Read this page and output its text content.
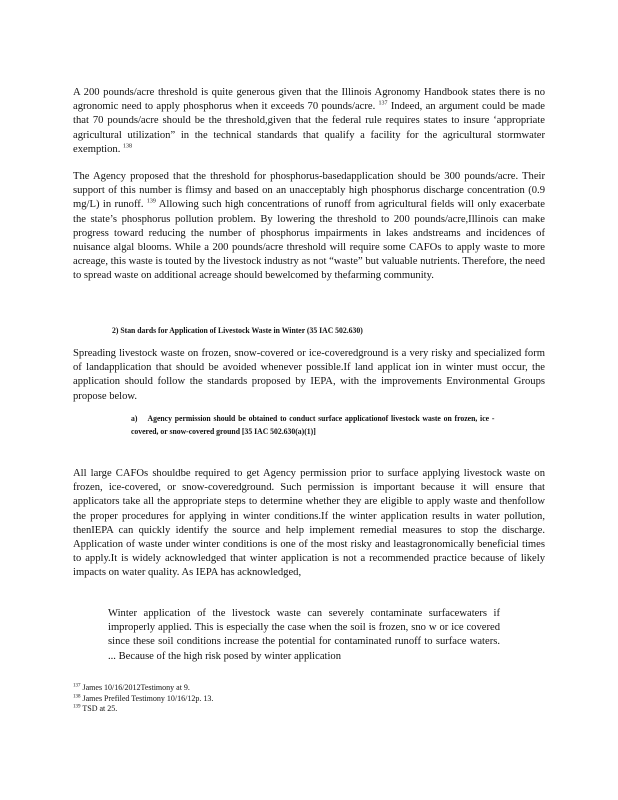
A 200 pounds/acre threshold is quite generous given that the Illinois Agronomy Handbook states there is no agronomic need to apply phosphorus when it exceeds 70 pounds/acre. $^{137}$ Indeed, an argument could be made that 70 pounds/acre should be the threshold,given that the federal rule requires states to insure ‘appropriate agricultural utilization” in the technical standards that qualify a facility for the agricultural stormwater exemption. $^{138}$

The Agency proposed that the threshold for phosphorus-basedapplication should be 300 pounds/acre. Their support of this number is flimsy and based on an unacceptably high phosphorus discharge concentration (0.9 mg/L) in runoff. $^{139}$ Allowing such high concentrations of runoff from agricultural fields will only exacerbate the state’s phosphorus pollution problem. By lowering the threshold to 200 pounds/acre,Illinois can make progress toward reducing the number of phosphorus impairments in lakes andstreams and incidences of nuisance algal blooms. While a 200 pounds/acre threshold will require some CAFOs to apply waste to more acreage, this waste is touted by the livestock industry as not “waste” but valuable nutrients. Therefore, the need to spread waste on additional acreage should bewelcomed by thefarming community.

2) Stan dards for Application of Livestock Waste in Winter (35 IAC 502.630)

Spreading livestock waste on frozen, snow-covered or ice-coveredground is a very risky and specialized form of landapplication that should be avoided whenever possible.If land applicat ion in winter must occur, the application should follow the standards proposed by IEPA, with the improvements Environmental Groups propose below.

a) Agency permission should be obtained to conduct surface applicationof livestock waste on frozen, ice -covered, or snow-covered ground [35 IAC 502.630(a)(1)]

All large CAFOs shouldbe required to get Agency permission prior to surface applying livestock waste on frozen, ice-covered, or snow-coveredground. Such permission is important because it will ensure that applicators take all the appropriate steps to determine whether they are eligible to apply waste and thenfollow the proper procedures for applying in winter conditions.If the winter application results in water pollution, thenIEPA can quickly identify the source and help implement remedial measures to stop the discharge. Application of waste under winter conditions is one of the most risky and leastagronomically beneficial times to apply.It is widely acknowledged that winter application is not a recommended practice because of likely impacts on water quality. As IEPA has acknowledged,

Winter application of the livestock waste can severely contaminate surfacewaters if improperly applied. This is especially the case when the soil is frozen, sno w or ice covered since these soil conditions increase the potential for contaminated runoff to surface waters. ... Because of the high risk posed by winter application

$^{137}$ James 10/16/2012Testimony at 9.
$^{138}$ James Prefiled Testimony 10/16/12p. 13.
$^{139}$ TSD at 25.
